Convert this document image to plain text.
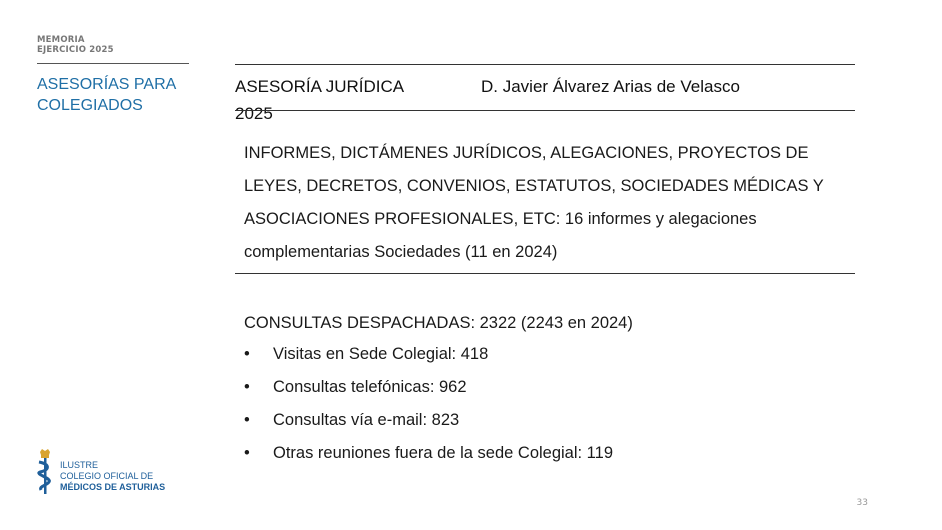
MEMORIA
EJERCICIO 2025
ASESORÍAS PARA COLEGIADOS
ASESORÍA JURÍDICA
2025
D. Javier Álvarez Arias de Velasco
INFORMES, DICTÁMENES JURÍDICOS, ALEGACIONES, PROYECTOS DE LEYES, DECRETOS, CONVENIOS, ESTATUTOS, SOCIEDADES MÉDICAS Y ASOCIACIONES PROFESIONALES, ETC: 16 informes y alegaciones complementarias Sociedades (11 en 2024)
CONSULTAS DESPACHADAS: 2322 (2243 en 2024)
• Visitas en Sede Colegial: 418
• Consultas telefónicas: 962
• Consultas vía e-mail: 823
• Otras reuniones fuera de la sede Colegial: 119
ILUSTRE
COLEGIO OFICIAL DE
MÉDICOS DE ASTURIAS
33
